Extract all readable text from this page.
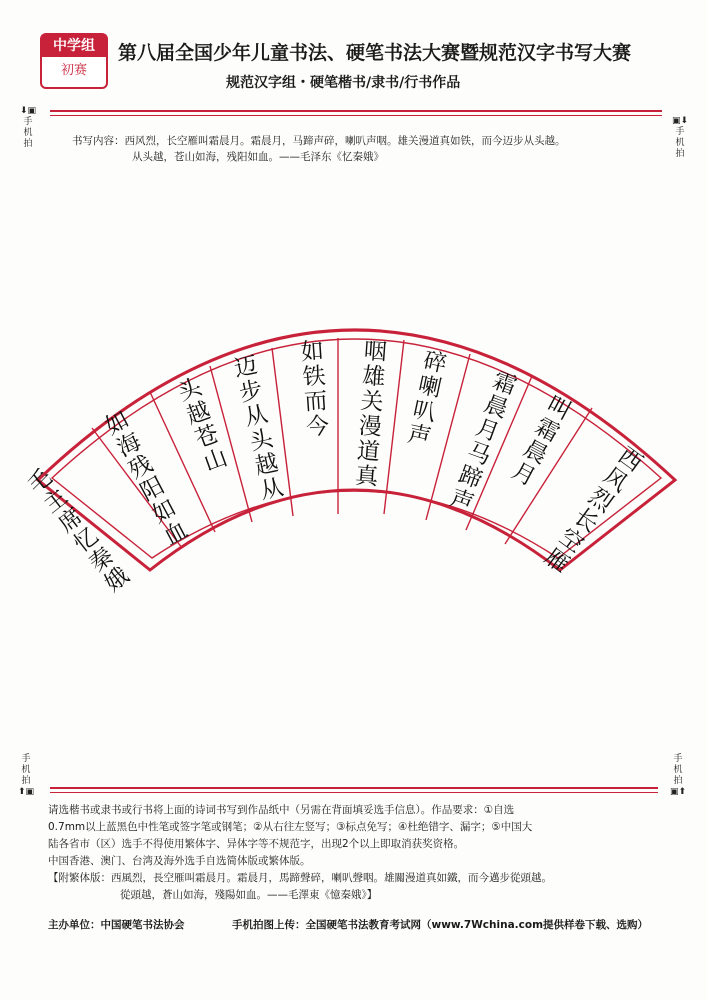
中学组
初赛
第八届全国少年儿童书法、硬笔书法大赛暨规范汉字书写大赛
规范汉字组・硬笔楷书/隶书/行书作品
⬇▣
手
机
拍
▣⬇
手
机
拍
手
机
拍
⬆▣
手
机
拍
▣⬆
书写内容：西风烈，长空雁叫霜晨月。霜晨月，马蹄声碎，喇叭声咽。雄关漫道真如铁，而今迈步从头越。
从头越，苍山如海，残阳如血。——毛泽东《忆秦娥》
毛主席忆秦娥
如海残阳如血
头越苍山
迈步从头越从
如铁而今
咽雄关漫道真
碎喇叭声
霜晨月马蹄声
叫霜晨月	西风烈长空雁
请选楷书或隶书或行书将上面的诗词书写到作品纸中（另需在背面填妥选手信息）。作品要求：①自选
0.7mm以上蓝黑色中性笔或签字笔或钢笔；②从右往左竖写；③标点免写；④杜绝错字、漏字；⑤中国大
陆各省市（区）选手不得使用繁体字、异体字等不规范字，出现2个以上即取消获奖资格。
中国香港、澳门、台湾及海外选手自选简体版或繁体版。
【附繁体版：西風烈，長空雁叫霜晨月。霜晨月，馬蹄聲碎，喇叭聲咽。雄關漫道真如鐵，而今邁步從頭越。
從頭越，蒼山如海，殘陽如血。——毛澤東《憶秦娥》】
主办单位：中国硬笔书法协会	手机拍图上传：全国硬笔书法教育考试网（www.7Wchina.com提供样卷下载、选购）
